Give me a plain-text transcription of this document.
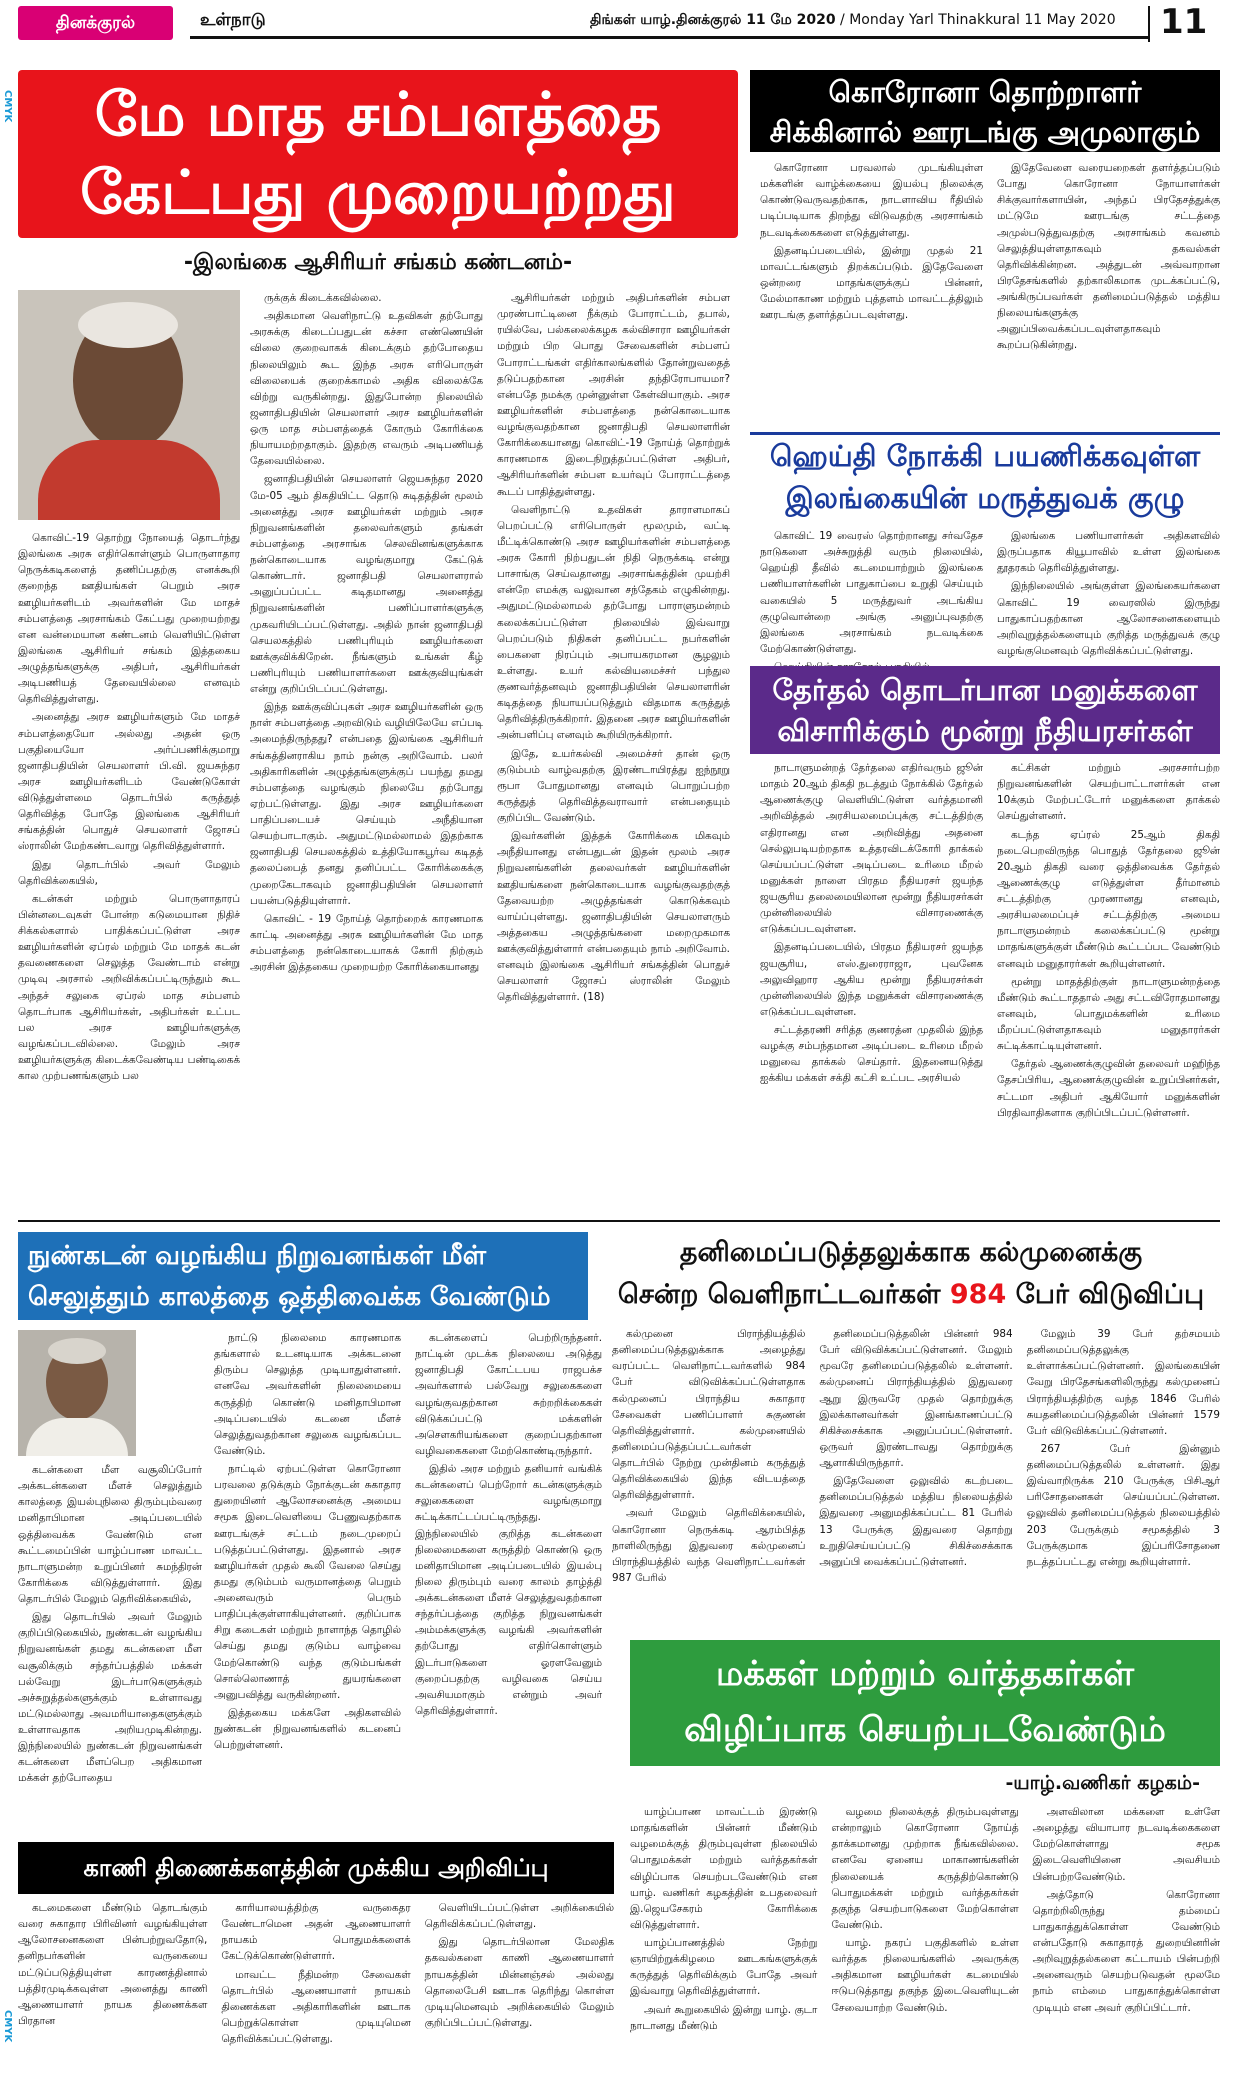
தினக்குரல்	உள்நாடு	திங்கள் யாழ்.தினக்குரல் 11 மே 2020 / Monday Yarl Thinakkural 11 May 2020 11
CMYK
CMYK
மே மாத சம்பளத்தை
கேட்பது முறையற்றது
-இலங்கை ஆசிரியர் சங்கம் கண்டனம்-

கொவிட்-19 தொற்று நோயைத் தொடர்ந்து இலங்கை அரசு எதிர்கொள்ளும் பொருளாதார நெருக்கடிகளைத் தணிப்பதற்கு எனக்கூறி குறைந்த ஊதியங்கள் பெறும் அரச ஊழியர்களிடம் அவர்களின் மே மாதச் சம்பளத்தை அரசாங்கம் கேட்பது முறையற்றது என வன்மையான கண்டனம் வெளியிட்டுள்ள இலங்கை ஆசிரியர் சங்கம் இத்தகைய அழுத்தங்களுக்கு அதிபர், ஆசிரியர்கள் அடிபணியத் தேவையில்லை எனவும் தெரிவித்துள்ளது.

அனைத்து அரச ஊழியர்களும் மே மாதச் சம்பளத்தையோ அல்லது அதன் ஒரு பகுதியையோ அர்ப்பணிக்குமாறு ஜனாதிபதியின் செயலாளர் பி.வி. ஜயசுந்தர அரச ஊழியர்களிடம் வேண்டுகோள் விடுத்துள்ளமை தொடர்பில் கருத்துத் தெரிவித்த போதே இலங்கை ஆசிரியர் சங்கத்தின் பொதுச் செயலாளர் ஜோசப் ஸ்ராலின் மேற்கண்டவாறு தெரிவித்துள்ளார்.

இது தொடர்பில் அவர் மேலும் தெரிவிக்கையில்,

கடன்கள் மற்றும் பொருளாதாரப் பின்னடைவுகள் போன்ற கடுமையான நிதிச் சிக்கல்களால் பாதிக்கப்பட்டுள்ள அரச ஊழியர்களின் ஏப்ரல் மற்றும் மே மாதக் கடன் தவணைகளை செலுத்த வேண்டாம் என்று முடிவு அரசால் அறிவிக்கப்பட்டிருந்தும் கூட அந்தச் சலுகை ஏப்ரல் மாத சம்பளம் தொடர்பாக ஆசிரியர்கள், அதிபர்கள் உட்பட பல அரச ஊழியர்களுக்கு வழங்கப்படவில்லை. மேலும் அரச ஊழியர்களுக்கு கிடைக்கவேண்டிய பண்டிகைக் கால முற்பணங்களும் பல

ருக்குக் கிடைக்கவில்லை.

அதிகமான வெளிநாட்டு உதவிகள் தற்போது அரசுக்கு கிடைப்பதுடன் கச்சா எண்ணெயின் விலை குறைவாகக் கிடைக்கும் தற்போதைய நிலையிலும் கூட இந்த அரசு எரிபொருள் விலையைக் குறைக்காமல் அதிக விலைக்கே விற்று வருகின்றது. இதுபோன்ற நிலையில் ஜனாதிபதியின் செயலாளர் அரச ஊழியர்களின் ஒரு மாத சம்பளத்தைக் கோரும் கோரிக்கை நியாயமற்றதாகும். இதற்கு எவரும் அடிபணியத் தேவையில்லை.

ஜனாதிபதியின் செயலாளர் ஜெயசுந்தர 2020 மே-05 ஆம் திகதியிட்ட தொடு சுடிதத்தின் மூலம் அனைத்து அரச ஊழியர்கள் மற்றும் அரச நிறுவனங்களின் தலைவர்களும் தங்கள் சம்பளத்தை அரசாங்க செலவினங்களுக்காக நன்கொடையாக வழங்குமாறு கேட்டுக் கொண்டார். ஜனாதிபதி செயலாளரால் அனுப்பப்பட்ட கடிதமானது அனைத்து நிறுவனங்களின் பணிப்பாளர்களுக்கு முகவரியிடப்பட்டுள்ளது. அதில் நான் ஜனாதிபதி செயலகத்தில் பணிபுரியும் ஊழியர்களை ஊக்குவிக்கிறேன். நீங்களும் உங்கள் கீழ் பணிபுரியும் பணியாளர்களை ஊக்குவியுங்கள் என்று குறிப்பிடப்பட்டுள்ளது.

இந்த ஊக்குவிப்புகள் அரச ஊழியர்களின் ஒரு நாள் சம்பளத்தை அறவிடும் வழியிலேயே எப்படி அமைந்திருந்தது? என்பதை இலங்கை ஆசிரியர் சங்கத்தினராகிய நாம் நன்கு அறிவோம். பலர் அதிகாரிகளின் அழுத்தங்களுக்குப் பயந்து தமது சம்பளத்தை வழங்கும் நிலையே தற்போது ஏற்பட்டுள்ளது. இது அரச ஊழியர்களை பாதிப்படையச் செய்யும் அநீதியான செயற்பாடாகும். அதுமட்டுமல்லாமல் இதற்காக ஜனாதிபதி செயலகத்தில் உத்தியோகபூர்வ கடிதத் தலைப்பைத் தனது தனிப்பட்ட கோரிக்கைக்கு முறைகேடாகவும் ஜனாதிபதியின் செயலாளர் பயன்படுத்தியுள்ளார்.

கொவிட் - 19 நோய்த் தொற்றைக் காரணமாக காட்டி அனைத்து அரசு ஊழியர்களின் மே மாத சம்பளத்தை நன்கொடையாகக் கோரி நிற்கும் அரசின் இத்தகைய முறையற்ற கோரிக்கையானது

ஆசிரியர்கள் மற்றும் அதிபர்களின் சம்பள முரண்பாட்டினை நீக்கும் போராட்டம், தபால், ரயில்வே, பல்கலைக்கழக கல்விசாரா ஊழியர்கள் மற்றும் பிற பொது சேவைகளின் சம்பளப் போராட்டங்கள் எதிர்காலங்களில் தோன்றுவதைத் தடுப்பதற்கான அரசின் தந்திரோபாயமா? என்பதே நமக்கு முன்னுள்ள கேள்வியாகும். அரச ஊழியர்களின் சம்பளத்தை நன்கொடையாக வழங்குவதற்கான ஜனாதிபதி செயலாளரின் கோரிக்கையானது கொவிட்-19 நோய்த் தொற்றுக் காரணமாக இடைநிறுத்தப்பட்டுள்ள அதிபர், ஆசிரியர்களின் சம்பள உயர்வுப் போராட்டத்தை கூடப் பாதித்துள்ளது.

வெளிநாட்டு உதவிகள் தாராளமாகப் பெறப்பட்டு எரிபொருள் மூலமும், வட்டி மீட்டிக்கொண்டு அரச ஊழியர்களின் சம்பளத்தை அரசு கோரி நிற்பதுடன் நிதி நெருக்கடி என்று பாசாங்கு செய்வதானது அரசாங்கத்தின் முயற்சி என்றே எமக்கு வலுவான சந்தேகம் எழுகின்றது. அதுமட்டுமல்லாமல் தற்போது பாராளுமன்றம் கலைக்கப்பட்டுள்ள நிலையில் இவ்வாறு பெறப்படும் நிதிகள் தனிப்பட்ட நபர்களின் பைகளை நிரப்பும் அபாயகரமான சூழலும் உள்ளது. உயர் கல்வியமைச்சர் பந்துல குணவர்த்தனவும் ஜனாதிபதியின் செயலாளரின் கடிதத்தை நியாயப்படுத்தும் விதமாக கருத்துத் தெரிவித்திருக்கிறார். இதனை அரச ஊழியர்களின் அன்பளிப்பு எனவும் கூறியிருக்கிறார்.

இதே, உயர்கல்வி அமைச்சர் தான் ஒரு குடும்பம் வாழ்வதற்கு இரண்டாயிரத்து ஐந்நூறு ரூபா போதுமானது எனவும் பொறுப்பற்ற கருத்துத் தெரிவித்தவராவார் என்பதையும் குறிப்பிட வேண்டும்.

இவர்களின் இத்தக் கோரிக்கை மிகவும் அநீதியானது என்பதுடன் இதன் மூலம் அரச நிறுவனங்களின் தலைவர்கள் ஊழியர்களின் ஊதியங்களை நன்கொடையாக வழங்குவதற்குத் தேவையற்ற அழுத்தங்கள் கொடுக்கவும் வாய்ப்புள்ளது. ஜனாதிபதியின் செயலாளரும் அத்தகைய அழுத்தங்களை மறைமுகமாக ஊக்குவித்துள்ளார் என்பதையும் நாம் அறிவோம். எனவும் இலங்கை ஆசிரியர் சங்கத்தின் பொதுச் செயலாளர் ஜோசப் ஸ்ராலின் மேலும் தெரிவித்துள்ளார். (18)

கொரோனா தொற்றாளர்
சிக்கினால் ஊரடங்கு அமுலாகும்

கொரோனா பரவலால் முடங்கியுள்ள மக்களின் வாழ்க்கையை இயல்பு நிலைக்கு கொண்டுவருவதற்காக, நாடளாவிய ரீதியில் படிப்படியாக திறந்து விடுவதற்கு அரசாங்கம் நடவடிக்கைகளை எடுத்துள்ளது.

இதனடிப்படையில், இன்று முதல் 21 மாவட்டங்களும் திறக்கப்படும். இதேவேளை ஒன்றரை மாதங்களுக்குப் பின்னர், மேல்மாகாண மற்றும் புத்தளம் மாவட்டத்திலும் ஊரடங்கு தளர்த்தப்படவுள்ளது.

இதேவேளை வரையறைகள் தளர்த்தப்படும் போது கொரோனா நோயாளர்கள் சிக்குவார்களாயின், அந்தப் பிரதேசத்துக்கு மட்டுமே ஊரடங்கு சட்டத்தை அமுல்படுத்துவதற்கு அரசாங்கம் கவனம் செலுத்தியுள்ளதாகவும் தகவல்கள் தெரிவிக்கின்றன. அத்துடன் அவ்வாறான பிரதேசங்களில் தற்காலிகமாக முடக்கப்பட்டு, அங்கிருப்பவர்கள் தனிமைப்படுத்தல் மத்திய நிலையங்களுக்கு அனுப்பிவைக்கப்படவுள்ளதாகவும் கூறப்படுகின்றது.

ஹெய்தி நோக்கி பயணிக்கவுள்ள
இலங்கையின் மருத்துவக் குழு

கொவிட் 19 வைரஸ் தொற்றானது சர்வதேச நாடுகளை அச்சுறுத்தி வரும் நிலையில், ஹெய்தி தீவில் கடமையாற்றும் இலங்கை பணியாளர்களின் பாதுகாப்பை உறுதி செய்யும் வகையில் 5 மருத்துவர் அடங்கிய குழுவொன்றை அங்கு அனுப்புவதற்கு இலங்கை அரசாங்கம் நடவடிக்கை மேற்கொண்டுள்ளது.

இலங்கை பணியாளர்கள் அதிகளவில் இருப்பதாக கியூபாவில் உள்ள இலங்கை தூதரகம் தெரிவித்துள்ளது.

இந்நிலையில் அங்குள்ள இலங்கையர்களை கொவிட் 19 வைரஸில் இருந்து பாதுகாப்பதற்கான ஆலோசனைகளையும் அறிவுறுத்தல்களையும் குறித்த மருத்துவக் குழு வழங்குமெனவும் தெரிவிக்கப்பட்டுள்ளது.

தேர்தல் தொடர்பான மனுக்களை
விசாரிக்கும் மூன்று நீதியரசர்கள்

நாடாளுமன்றத் தேர்தலை எதிர்வரும் ஜூன் மாதம் 20ஆம் திகதி நடத்தும் நோக்கில் தேர்தல் ஆணைக்குழு வெளியிட்டுள்ள வர்த்தமானி அறிவித்தல் அரசியலமைப்புக்கு சட்டத்திற்கு எதிரானது என அறிவித்து அதனை செல்லுபடியற்றதாக உத்தரவிடக்கோரி தாக்கல் செய்யப்பட்டுள்ள அடிப்படை உரிமை மீறல் மனுக்கள் நாளை பிரதம நீதியரசர் ஜயந்த ஜயசூரிய தலைமையிலான மூன்று நீதியரசர்கள் முன்னிலையில் விசாரணைக்கு எடுக்கப்படவுள்ளன.

இதனடிப்படையில், பிரதம நீதியரசர் ஜயந்த ஜயசூரிய, எஸ்.துரைராஜா, புவனேக அலுவிஹார ஆகிய மூன்று நீதியரசர்கள் முன்னிலையில் இந்த மனுக்கள் விசாரணைக்கு எடுக்கப்படவுள்ளன.

சட்டத்தரணி சரித்த குணரத்ன முதலில் இந்த வழக்கு சம்பந்தமான அடிப்படை உரிமை மீறல் மனுவை தாக்கல் செய்தார். இதனையடுத்து ஐக்கிய மக்கள் சக்தி கட்சி உட்பட அரசியல்

கட்சிகள் மற்றும் அரசசார்பற்ற நிறுவனங்களின் செயற்பாட்டாளர்கள் என 10க்கும் மேற்பட்டோர் மனுக்களை தாக்கல் செய்துள்ளனர்.

கடந்த ஏப்ரல் 25ஆம் திகதி நடைபெறவிருந்த பொதுத் தேர்தலை ஜூன் 20ஆம் திகதி வரை ஒத்திவைக்க தேர்தல் ஆணைக்குழு எடுத்துள்ள தீர்மானம் சட்டத்திற்கு முரணானது எனவும், அரசியலமைப்புச் சட்டத்திற்கு அமைய நாடாளுமன்றம் கலைக்கப்பட்டு மூன்று மாதங்களுக்குள் மீண்டும் கூட்டப்பட வேண்டும் எனவும் மனுதாரர்கள் கூறியுள்ளனர்.

மூன்று மாதத்திற்குள் நாடாளுமன்றத்தை மீண்டும் கூட்டாததால் அது சட்டவிரோதமானது எனவும், பொதுமக்களின் உரிமை மீறப்பட்டுள்ளதாகவும் மனுதாரர்கள் சுட்டிக்காட்டியுள்ளனர்.

தேர்தல் ஆணைக்குழுவின் தலைவர் மஹிந்த தேசப்பிரிய, ஆணைக்குழுவின் உறுப்பினர்கள், சட்டமா அதிபர் ஆகியோர் மனுக்களின் பிரதிவாதிகளாக குறிப்பிடப்பட்டுள்ளனர்.

நுண்கடன் வழங்கிய நிறுவனங்கள் மீள்
செலுத்தும் காலத்தை ஒத்திவைக்க வேண்டும்

கடன்களை மீள வசூலிப்போர் அக்கடன்களை மீளச் செலுத்தும் காலத்தை இயல்புநிலை திரும்பும்வரை மனிதாபிமான அடிப்படையில் ஒத்திவைக்க வேண்டும் என கூட்டமைப்பின் யாழ்ப்பாண மாவட்ட நாடாளுமன்ற உறுப்பினர் சுமந்திரன் கோரிக்கை விடுத்துள்ளார். இது தொடர்பில் மேலும் தெரிவிக்கையில்,

இது தொடர்பில் அவர் மேலும் குறிப்பிடுகையில், நுண்கடன் வழங்கிய நிறுவனங்கள் தமது கடன்களை மீள வசூலிக்கும் சந்தர்ப்பத்தில் மக்கள் பல்வேறு இடர்பாடுகளுக்கும் அச்சுறுத்தல்களுக்கும் உள்ளாவது மட்டுமல்லாது அவமரியாதைகளுக்கும் உள்ளாவதாக அறியமுடிகின்றது. இந்நிலையில் நுண்கடன் நிறுவனங்கள் கடன்களை மீளப்பெற அதிகமான மக்கள் தற்போதைய

நாட்டு நிலைமை காரணமாக தங்களால் உடனடியாக அக்கடனை திரும்ப செலுத்த முடியாதுள்ளனர். எனவே அவர்களின் நிலைமையை கருத்திற் கொண்டு மனிதாபிமான அடிப்படையில் கடனை மீளச் செலுத்துவதற்கான சலுகை வழங்கப்பட வேண்டும்.

நாட்டில் ஏற்பட்டுள்ள கொரோனா பரவலை தடுக்கும் நோக்குடன் சுகாதார துறையினர் ஆலோசனைக்கு அமைய சமூக இடைவெளியை பேணுவதற்காக ஊரடங்குச் சட்டம் நடைமுறைப் படுத்தப்பட்டுள்ளது. இதனால் அரச ஊழியர்கள் முதல் கூலி வேலை செய்து தமது குடும்பம் வருமானத்தை பெறும் அனைவரும் பெரும் பாதிப்புக்குள்ளாகியுள்ளனர். குறிப்பாக சிறு கடைகள் மற்றும் நாளாந்த தொழில் செய்து தமது குடும்ப வாழ்வை மேற்கொண்டு வந்த குடும்பங்கள் சொல்லொணாத் துயரங்களை அனுபவித்து வருகின்றனர்.

இத்தகைய மக்களே அதிகளவில் நுண்கடன் நிறுவனங்களில் கடனைப் பெற்றுள்ளனர்.

கடன்களைப் பெற்றிருந்தனர். நாட்டின் முடக்க நிலையை அடுத்து ஜனாதிபதி கோட்டபய ராஜபக்ச அவர்களால் பல்வேறு சலுகைகளை வழங்குவதற்கான சுற்றறிக்கைகள் விடுக்கப்பட்டு மக்களின் அசௌகரியங்களை குறைப்பதற்கான வழிவகைகளை மேற்கொண்டிருந்தார்.

இதில் அரச மற்றும் தனியார் வங்கிக் கடன்களைப் பெற்றோர் கடன்களுக்கும் சலுகைகளை வழங்குமாறு சுட்டிக்காட்டப்பட்டிருந்தது. இந்நிலையில் குறித்த கடன்களை நிலைமைகளை கருத்திற் கொண்டு ஒரு மனிதாபிமான அடிப்படையில் இயல்பு நிலை திரும்பும் வரை காலம் தாழ்த்தி அக்கடன்களை மீளச் செலுத்துவதற்கான சந்தர்ப்பத்தை குறித்த நிறுவனங்கள் அம்மக்களுக்கு வழங்கி அவர்களின் தற்போது எதிர்கொள்ளும் இடர்பாடுகளை ஓரளவேனும் குறைப்பதற்கு வழிவகை செய்ய அவசியமாகும் என்றும் அவர் தெரிவித்துள்ளார்.

தனிமைப்படுத்தலுக்காக கல்முனைக்கு
சென்ற வெளிநாட்டவர்கள் 984 பேர் விடுவிப்பு

கல்முனை பிராந்தியத்தில் தனிமைப்படுத்தலுக்காக அழைத்து வரப்பட்ட வெளிநாட்டவர்களில் 984 பேர் விடுவிக்கப்பட்டுள்ளதாக கல்முனைப் பிராந்திய சுகாதார சேவைகள் பணிப்பாளர் சுகுணன் தெரிவித்துள்ளார். கல்முனையில் தனிமைப்படுத்தப்பட்டவர்கள் தொடர்பில் நேற்று முன்தினம் கருத்துத் தெரிவிக்கையில் இந்த விடயத்தை தெரிவித்துள்ளார்.

அவர் மேலும் தெரிவிக்கையில், கொரோனா நெருக்கடி ஆரம்பித்த நாளிலிருந்து இதுவரை கல்முனைப் பிராந்தியத்தில் வந்த வெளிநாட்டவர்கள் 987 பேரில்

தனிமைப்படுத்தலின் பின்னர் 984 பேர் விடுவிக்கப்பட்டுள்ளனர். மேலும் மூவரே தனிமைப்படுத்தலில் உள்ளனர். கல்முனைப் பிராந்தியத்தில் இதுவரை ஆறு இருவரே முதல் தொற்றுக்கு இலக்கானவர்கள் இனங்காணப்பட்டு சிகிச்சைக்காக அனுப்பப்பட்டுள்ளனர். ஒருவர் இரண்டாவது தொற்றுக்கு ஆளாகியிருந்தார்.

இதேவேளை ஒலுவில் கடற்படை தனிமைப்படுத்தல் மத்திய நிலையத்தில் இதுவரை அனுமதிக்கப்பட்ட 81 பேரில் 13 பேருக்கு இதுவரை தொற்று உறுதிசெய்யப்பட்டு சிகிச்சைக்காக அனுப்பி வைக்கப்பட்டுள்ளனர்.

மேலும் 39 பேர் தற்சமயம் தனிமைப்படுத்தலுக்கு உள்ளாக்கப்பட்டுள்ளனர். இலங்கையின் வேறு பிரதேசங்களிலிருந்து கல்முனைப் பிராந்தியத்திற்கு வந்த 1846 பேரில் சுயதனிமைப்படுத்தலின் பின்னர் 1579 பேர் விடுவிக்கப்பட்டுள்ளனர்.

267 பேர் இன்னும் தனிமைப்படுத்தலில் உள்ளனர். இது இவ்வாறிருக்க 210 பேருக்கு பிசிஆர் பரிசோதனைகள் செய்யப்பட்டுள்ளன. ஒலுவில் தனிமைப்படுத்தல் நிலையத்தில் 203 பேருக்கும் சமூகத்தில் 3 பேருக்குமாக இப்பரிசோதனை நடத்தப்பட்டது என்று கூறியுள்ளார்.

மக்கள் மற்றும் வர்த்தகர்கள்
விழிப்பாக செயற்படவேண்டும்
-யாழ்.வணிகர் கழகம்-

யாழ்ப்பாண மாவட்டம் இரண்டு மாதங்களின் பின்னர் மீண்டும் வழமைக்குத் திரும்புவுள்ள நிலையில் பொதுமக்கள் மற்றும் வர்த்தகர்கள் விழிப்பாக செயற்படவேண்டும் என யாழ். வணிகர் கழகத்தின் உபதலைவர் இ.ஜெயசேகரம் கோரிக்கை விடுத்துள்ளார்.

யாழ்ப்பாணத்தில் நேற்று ஞாயிற்றுக்கிழமை ஊடகங்களுக்குக் கருத்துத் தெரிவிக்கும் போதே அவர் இவ்வாறு தெரிவித்துள்ளார்.

அவர் கூறுகையில் இன்று யாழ். குடா நாடானது மீண்டும்

வழமை நிலைக்குத் திரும்பவுள்ளது என்றாலும் கொரோனா நோய்த் தாக்கமானது முற்றாக நீங்கவில்லை. எனவே ஏனைய மாகாணங்களின் நிலையைக் கருத்திற்கொண்டு பொதுமக்கள் மற்றும் வர்த்தகர்கள் தகுந்த செயற்பாடுகளை மேற்கொள்ள வேண்டும்.

யாழ். நகரப் பகுதிகளில் உள்ள வர்த்தக நிலையங்களில் அவருக்கு அதிகமான ஊழியர்கள் கடமையில் ஈடுபடுத்தாது தகுந்த இடைவெளியுடன் சேவையாற்ற வேண்டும்.

அளவிலான மக்களை உள்ளே அழைத்து வியாபார நடவடிக்கைகளை மேற்கொள்ளாது சமூக இடைவெளியினை அவசியம் பின்பற்றவேண்டும்.

அத்தோடு கொரோனா தொற்றிலிருந்து தம்மைப் பாதுகாத்துக்கொள்ள வேண்டும் என்பதோடு சுகாதாரத் துறையினரின் அறிவுறுத்தல்களை கட்டாயம் பின்பற்றி அனைவரும் செயற்படுவதன் மூலமே நாம் எம்மை பாதுகாத்துக்கொள்ள முடியும் என அவர் குறிப்பிட்டார்.

காணி திணைக்களத்தின் முக்கிய அறிவிப்பு

கடமைகளை மீண்டும் தொடங்கும் வரை சுகாதார பிரிவினர் வழங்கியுள்ள ஆலோசனைகளை பின்பற்றுவதோடு, தனிநபர்களின் வருகையை மட்டுப்படுத்தியுள்ள காரணத்தினால் பத்திரமுடிக்கவுள்ள அனைத்து காணி ஆணையாளர் நாயக திணைக்கள பிரதான

காரியாலயத்திற்கு வருகைதர வேண்டாமென அதன் ஆணையாளர் நாயகம் பொதுமக்களைக் கேட்டுக்கொண்டுள்ளார்.

மாவட்ட நீதிமன்ற சேவைகள் தொடர்பில் ஆணையாளர் நாயகம் திணைக்கள அதிகாரிகளின் ஊடாக பெற்றுக்கொள்ள முடியுமென தெரிவிக்கப்பட்டுள்ளது.

வெளியிடப்பட்டுள்ள அறிக்கையில் தெரிவிக்கப்பட்டுள்ளது.

இது தொடர்பிலான மேலதிக தகவல்களை காணி ஆணையாளர் நாயகத்தின் மின்னஞ்சல் அல்லது தொலைபேசி ஊடாக தெரிந்து கொள்ள முடியுமெனவும் அறிக்கையில் மேலும் குறிப்பிடப்பட்டுள்ளது.
